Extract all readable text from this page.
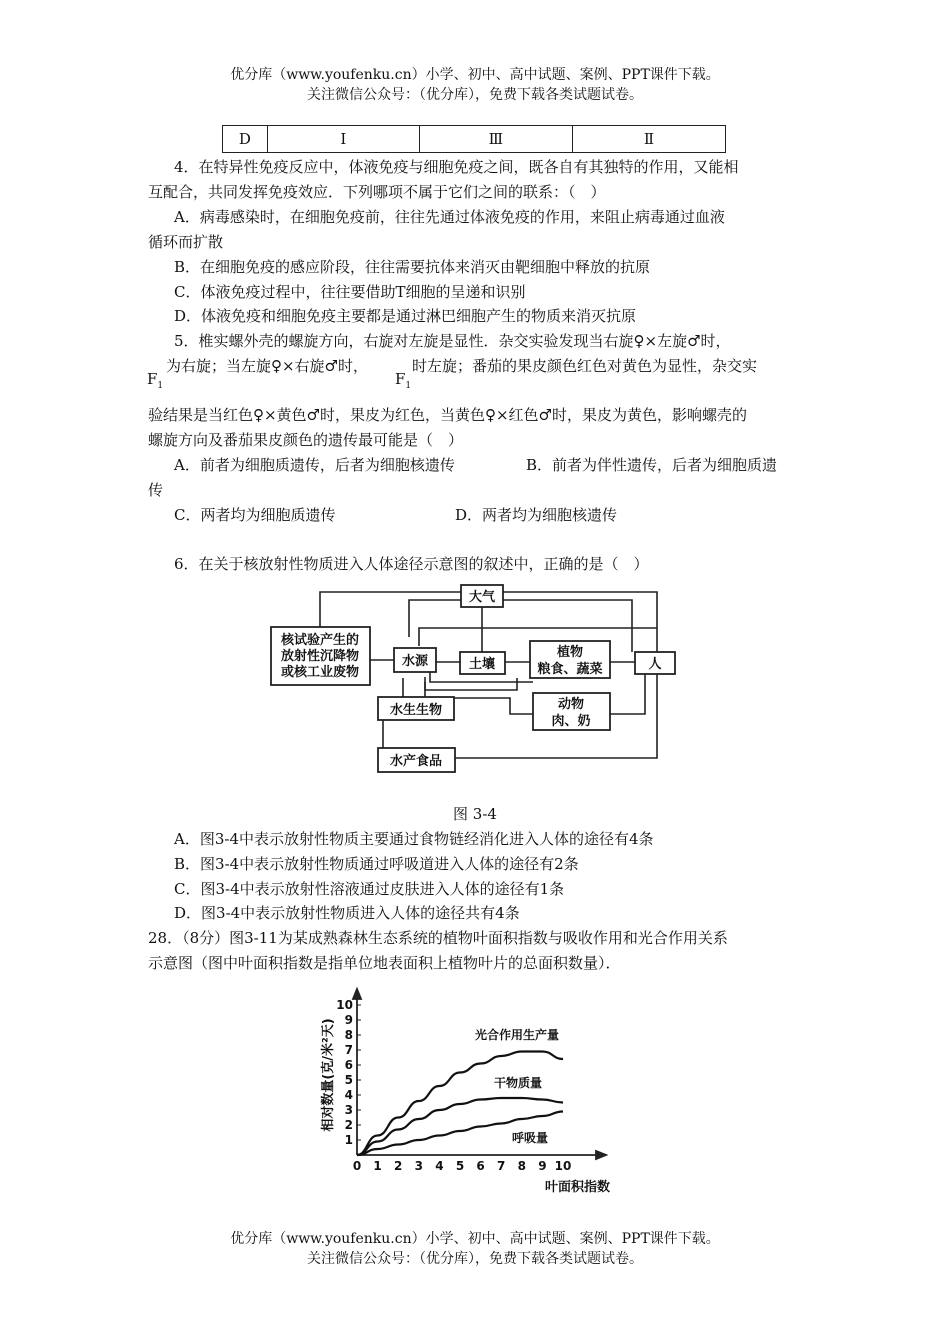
优分库（www.youfenku.cn）小学、初中、高中试题、案例、PPT课件下载。
关注微信公众号：（优分库），免费下载各类试题试卷。
D	I	Ⅲ	Ⅱ
4．在特异性免疫反应中，体液免疫与细胞免疫之间，既各自有其独特的作用，又能相
互配合，共同发挥免疫效应．下列哪项不属于它们之间的联系：（　）
A．病毒感染时，在细胞免疫前，往往先通过体液免疫的作用，来阻止病毒通过血液
循环而扩散
B．在细胞免疫的感应阶段，往往需要抗体来消灭由靶细胞中释放的抗原
C．体液免疫过程中，往往要借助T细胞的呈递和识别
D．体液免疫和细胞免疫主要都是通过淋巴细胞产生的物质来消灭抗原
5．椎实螺外壳的螺旋方向，右旋对左旋是显性．杂交实验发现当右旋♀×左旋♂时，
为右旋；当左旋♀×右旋♂时，	时左旋；番茄的果皮颜色红色对黄色为显性，杂交实
$F_1$	$F_1$
验结果是当红色♀×黄色♂时，果皮为红色，当黄色♀×红色♂时，果皮为黄色，影响螺壳的
螺旋方向及番茄果皮颜色的遗传最可能是（　）
A．前者为细胞质遗传，后者为细胞核遗传	B．前者为伴性遗传，后者为细胞质遗
传
C．两者均为细胞质遗传	D．两者均为细胞核遗传
6．在关于核放射性物质进入人体途径示意图的叙述中，正确的是（　）
核试验产生的
放射性沉降物
或核工业废物
大气
水源	土壤
植物
粮食、蔬菜	人
动物
肉、奶
水生生物
水产食品
图 3-4
A．图3-4中表示放射性物质主要通过食物链经消化进入人体的途径有4条
B．图3-4中表示放射性物质通过呼吸道进入人体的途径有2条
C．图3-4中表示放射性溶液通过皮肤进入人体的途径有1条
D．图3-4中表示放射性物质进入人体的途径共有4条
28．（8分）图3-11为某成熟森林生态系统的植物叶面积指数与吸收作用和光合作用关系
示意图（图中叶面积指数是指单位地表面积上植物叶片的总面积数量）．
0 1 2 3 4 5 6 7 8 9 10
1
2
3
4
5
6
7
8
9
10
叶面积指数
相对数量(克/米²天)	光合作用生产量
干物质量
呼吸量
优分库（www.youfenku.cn）小学、初中、高中试题、案例、PPT课件下载。
关注微信公众号：（优分库），免费下载各类试题试卷。
